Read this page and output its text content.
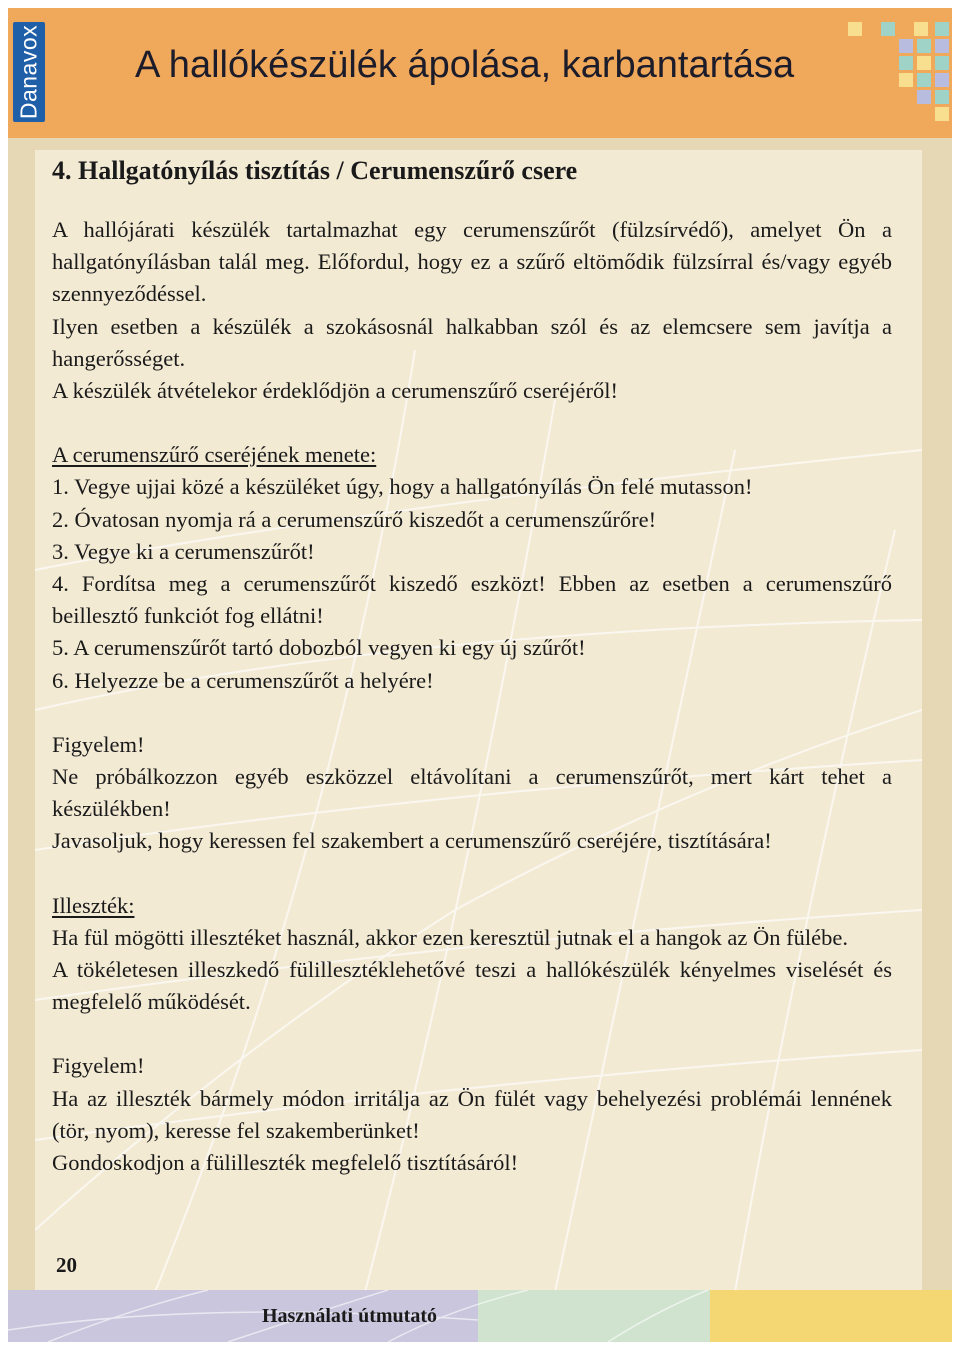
Danavox A hallókészülék ápolása, karbantartása
4. Hallgatónyílás tisztítás / Cerumenszűrő csere

A hallójárati készülék tartalmazhat egy cerumenszűrőt (fülzsírvédő), amelyet Ön a hallgatónyílásban talál meg. Előfordul, hogy ez a szűrő eltömődik fülzsírral és/vagy egyéb szennyeződéssel.

Ilyen esetben a készülék a szokásosnál halkabban szól és az elemcsere sem javítja a hangerősséget.

A készülék átvételekor érdeklődjön a cerumenszűrő cseréjéről!

A cerumenszűrő cseréjének menete:

1. Vegye ujjai közé a készüléket úgy, hogy a hallgatónyílás Ön felé mutasson!

2. Óvatosan nyomja rá a cerumenszűrő kiszedőt a cerumenszűrőre!

3. Vegye ki a cerumenszűrőt!

4. Fordítsa meg a cerumenszűrőt kiszedő eszközt! Ebben az esetben a cerumenszűrő beillesztő funkciót fog ellátni!

5. A cerumenszűrőt tartó dobozból vegyen ki egy új szűrőt!

6. Helyezze be a cerumenszűrőt a helyére!

Figyelem!

Ne próbálkozzon egyéb eszközzel eltávolítani a cerumenszűrőt, mert kárt tehet a készülékben!

Javasoljuk, hogy keressen fel szakembert a cerumenszűrő cseréjére, tisztítására!

Illeszték:

Ha fül mögötti illesztéket használ, akkor ezen keresztül jutnak el a hangok az Ön fülébe.

A tökéletesen illeszkedő fülillesztéklehetővé teszi a hallókészülék kényelmes viselését és megfelelő működését.

Figyelem!

Ha az illeszték bármely módon irritálja az Ön fülét vagy behelyezési problémái lennének (tör, nyom), keresse fel szakemberünket!

Gondoskodjon a fülilleszték megfelelő tisztításáról!

20
Használati útmutató
